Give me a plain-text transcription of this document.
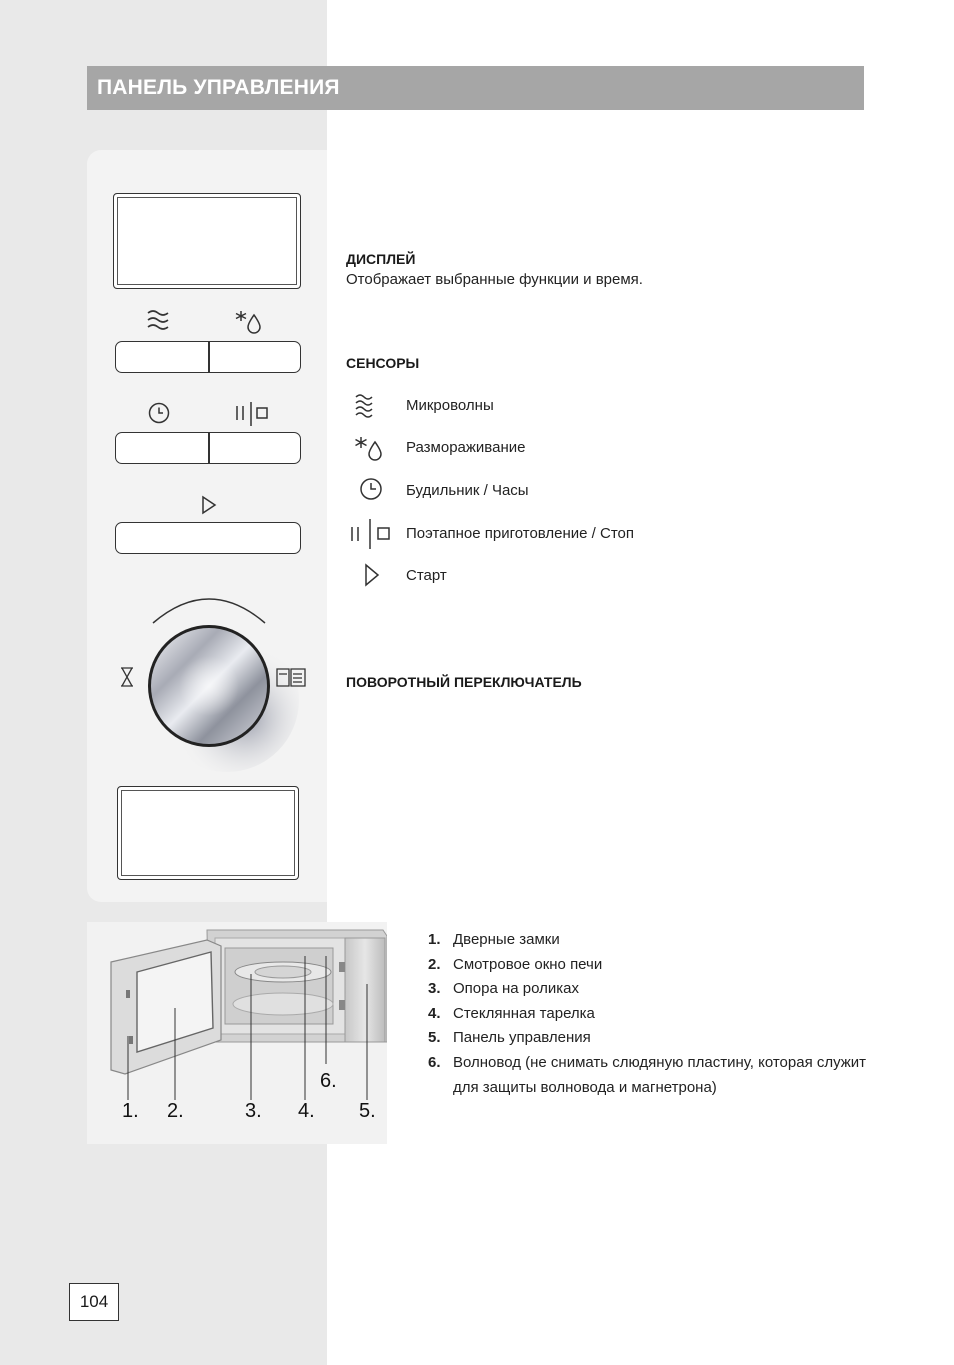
ПАНЕЛЬ УПРАВЛЕНИЯ
ДИСПЛЕЙ
Отображает выбранные функции и время.
СЕНСОРЫ
Микроволны
Размораживание
Будильник / Часы
Поэтапное приготовление / Стоп
Старт
ПОВОРОТНЫЙ ПЕРЕКЛЮЧАТЕЛЬ
1. 2.	3. 4. 5.
6.
1. Дверные замки
2. Смотровое окно печи
3. Опора на роликах
4. Стеклянная тарелка
5. Панель управления
6. Волновод (не снимать слюдяную пластину, которая служит для защиты волновода и магнетрона)
104
